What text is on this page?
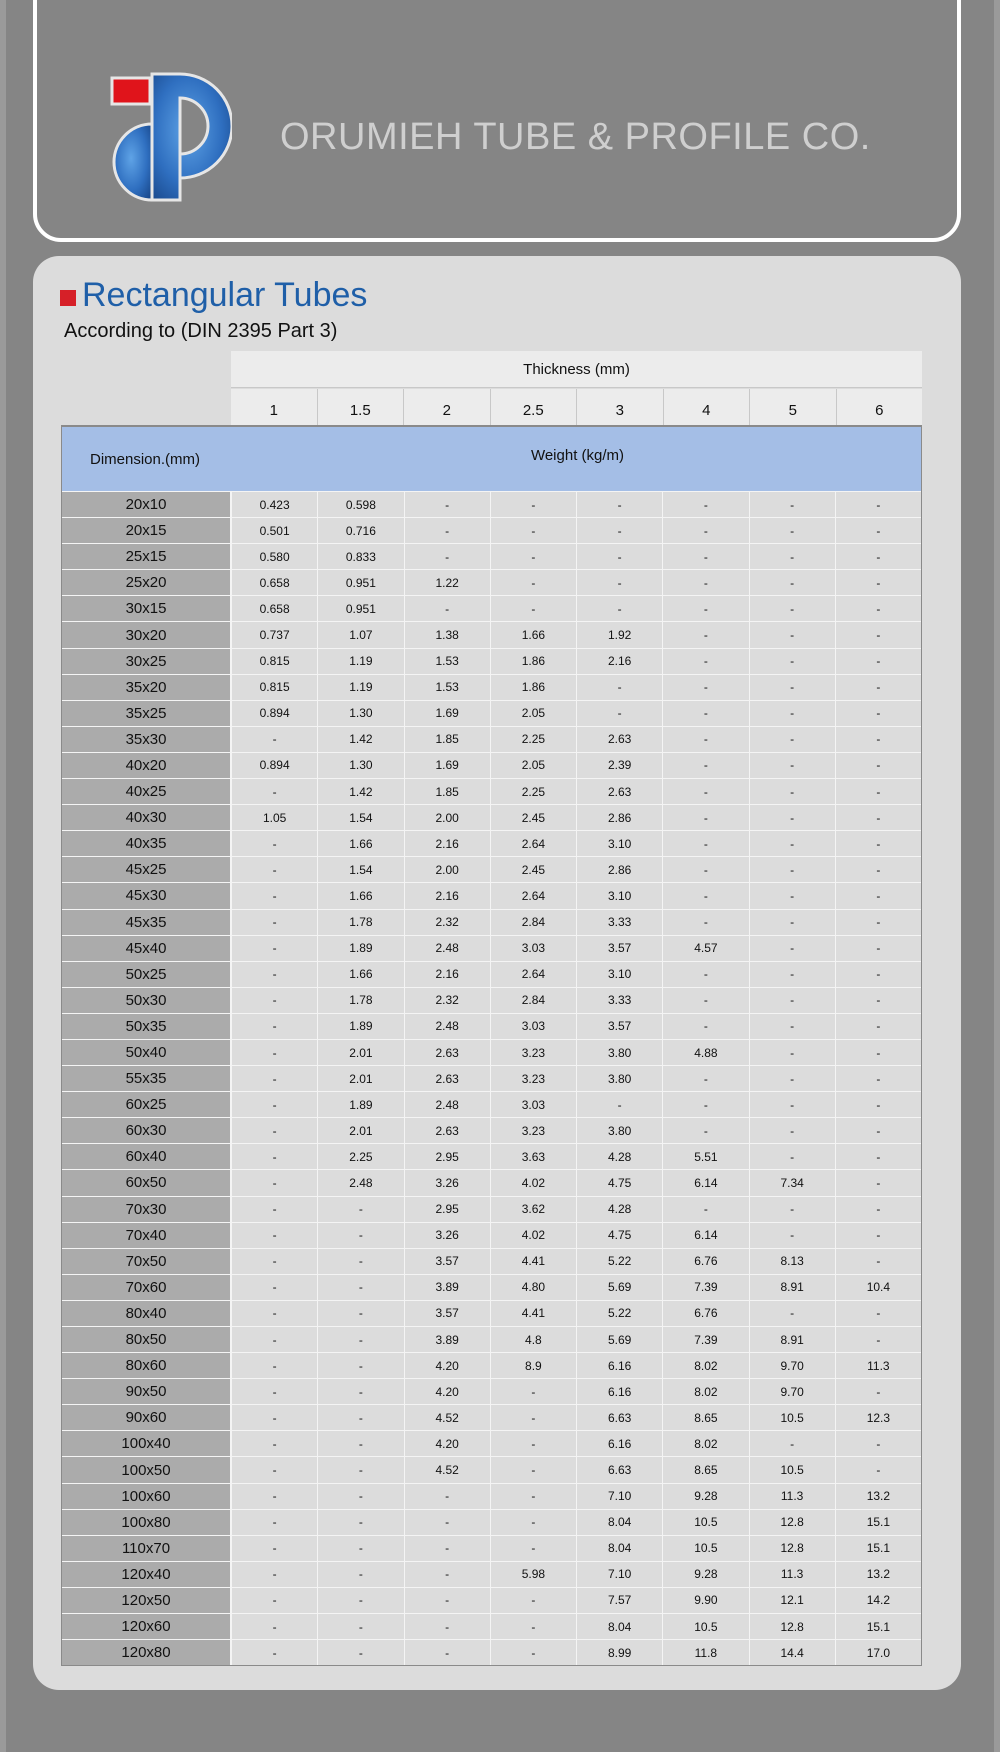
ORUMIEH TUBE & PROFILE CO.
Rectangular Tubes
According to (DIN 2395 Part 3)
Thickness (mm)
1	1.5	2	2.5	3	4	5	6
Dimension.(mm)	Weight (kg/m)
20x10	0.423	0.598	-	-	-	-	-	-
20x15	0.501	0.716	-	-	-	-	-	-
25x15	0.580	0.833	-	-	-	-	-	-
25x20	0.658	0.951	1.22	-	-	-	-	-
30x15	0.658	0.951	-	-	-	-	-	-
30x20	0.737	1.07	1.38	1.66	1.92	-	-	-
30x25	0.815	1.19	1.53	1.86	2.16	-	-	-
35x20	0.815	1.19	1.53	1.86	-	-	-	-
35x25	0.894	1.30	1.69	2.05	-	-	-	-
35x30	-	1.42	1.85	2.25	2.63	-	-	-
40x20	0.894	1.30	1.69	2.05	2.39	-	-	-
40x25	-	1.42	1.85	2.25	2.63	-	-	-
40x30	1.05	1.54	2.00	2.45	2.86	-	-	-
40x35	-	1.66	2.16	2.64	3.10	-	-	-
45x25	-	1.54	2.00	2.45	2.86	-	-	-
45x30	-	1.66	2.16	2.64	3.10	-	-	-
45x35	-	1.78	2.32	2.84	3.33	-	-	-
45x40	-	1.89	2.48	3.03	3.57	4.57	-	-
50x25	-	1.66	2.16	2.64	3.10	-	-	-
50x30	-	1.78	2.32	2.84	3.33	-	-	-
50x35	-	1.89	2.48	3.03	3.57	-	-	-
50x40	-	2.01	2.63	3.23	3.80	4.88	-	-
55x35	-	2.01	2.63	3.23	3.80	-	-	-
60x25	-	1.89	2.48	3.03	-	-	-	-
60x30	-	2.01	2.63	3.23	3.80	-	-	-
60x40	-	2.25	2.95	3.63	4.28	5.51	-	-
60x50	-	2.48	3.26	4.02	4.75	6.14	7.34	-
70x30	-	-	2.95	3.62	4.28	-	-	-
70x40	-	-	3.26	4.02	4.75	6.14	-	-
70x50	-	-	3.57	4.41	5.22	6.76	8.13	-
70x60	-	-	3.89	4.80	5.69	7.39	8.91	10.4
80x40	-	-	3.57	4.41	5.22	6.76	-	-
80x50	-	-	3.89	4.8	5.69	7.39	8.91	-
80x60	-	-	4.20	8.9	6.16	8.02	9.70	11.3
90x50	-	-	4.20	-	6.16	8.02	9.70	-
90x60	-	-	4.52	-	6.63	8.65	10.5	12.3
100x40	-	-	4.20	-	6.16	8.02	-	-
100x50	-	-	4.52	-	6.63	8.65	10.5	-
100x60	-	-	-	-	7.10	9.28	11.3	13.2
100x80	-	-	-	-	8.04	10.5	12.8	15.1
110x70	-	-	-	-	8.04	10.5	12.8	15.1
120x40	-	-	-	5.98	7.10	9.28	11.3	13.2
120x50	-	-	-	-	7.57	9.90	12.1	14.2
120x60	-	-	-	-	8.04	10.5	12.8	15.1
120x80	-	-	-	-	8.99	11.8	14.4	17.0
